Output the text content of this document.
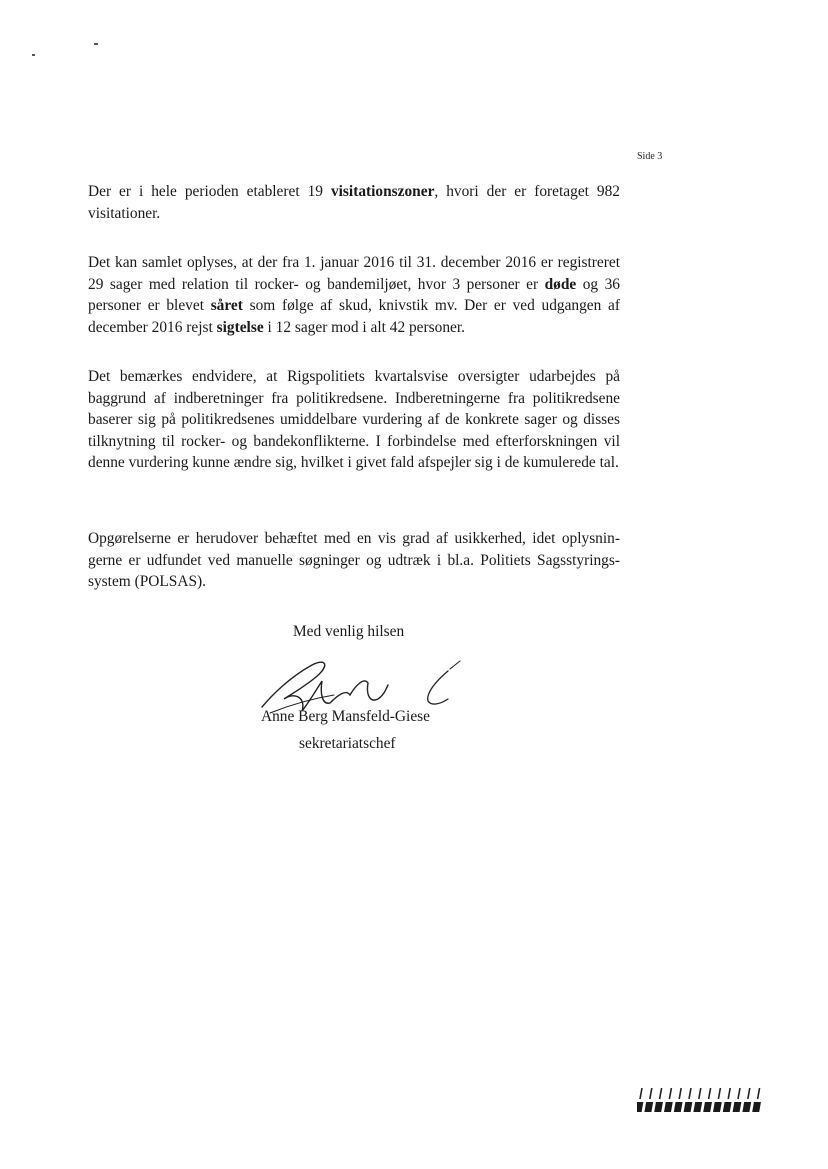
Side 3

Der er i hele perioden etableret 19 visitationszoner, hvori der er foretaget 982 visitationer.

Det kan samlet oplyses, at der fra 1. januar 2016 til 31. december 2016 er registreret 29 sager med relation til rocker- og bandemiljøet, hvor 3 personer er døde og 36 personer er blevet såret som følge af skud, knivstik mv. Der er ved udgangen af december 2016 rejst sigtelse i 12 sager mod i alt 42 personer.

Det bemærkes endvidere, at Rigspolitiets kvartalsvise oversigter udarbejdes på baggrund af indberetninger fra politikredsene. Indberetningerne fra politikredsene baserer sig på politikredsenes umiddelbare vurdering af de konkrete sager og disses tilknytning til rocker- og bandekonflikterne. I forbindelse med efterforskningen vil denne vurdering kunne ændre sig, hvilket i givet fald afspejler sig i de kumulerede tal.

Opgørelserne er herudover behæftet med en vis grad af usikkerhed, idet oplysningerne er udfundet ved manuelle søgninger og udtræk i bl.a. Politiets Sagsstyringssystem (POLSAS).

Med venlig hilsen
Anne Berg Mansfeld-Giese
sekretariatschef
